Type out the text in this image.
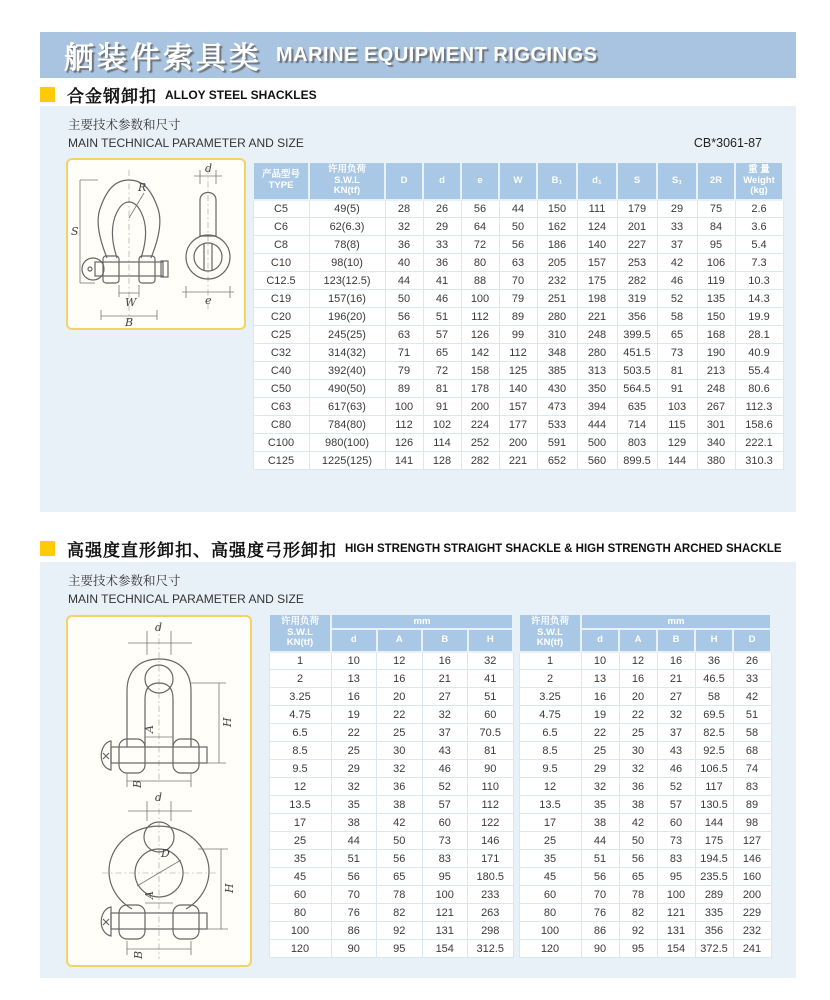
舾装件索具类 MARINE EQUIPMENT RIGGINGS
合金钢卸扣 ALLOY STEEL SHACKLES
主要技术参数和尺寸
MAIN TECHNICAL PARAMETER AND SIZE	CB*3061-87
R
S
W
B
d
e
产品型号
TYPE

许用负荷
S.W.L
KN(tf)

D	d	e	W	B₁	d₁	S	S₁	2R

重 量
Weight
(kg)

C5	49(5)	28	26	56	44	150	111	179	29	75	2.6
C6	62(6.3)	32	29	64	50	162	124	201	33	84	3.6
C8	78(8)	36	33	72	56	186	140	227	37	95	5.4
C10	98(10)	40	36	80	63	205	157	253	42	106	7.3
C12.5	123(12.5)	44	41	88	70	232	175	282	46	119	10.3
C19	157(16)	50	46	100	79	251	198	319	52	135	14.3
C20	196(20)	56	51	112	89	280	221	356	58	150	19.9
C25	245(25)	63	57	126	99	310	248	399.5	65	168	28.1
C32	314(32)	71	65	142	112	348	280	451.5	73	190	40.9
C40	392(40)	79	72	158	125	385	313	503.5	81	213	55.4
C50	490(50)	89	81	178	140	430	350	564.5	91	248	80.6
C63	617(63)	100	91	200	157	473	394	635	103	267	112.3
C80	784(80)	112	102	224	177	533	444	714	115	301	158.6
C100	980(100)	126	114	252	200	591	500	803	129	340	222.1
C125	1225(125)	141	128	282	221	652	560	899.5	144	380	310.3
高强度直形卸扣、高强度弓形卸扣 HIGH STRENGTH STRAIGHT SHACKLE & HIGH STRENGTH ARCHED SHACKLE
主要技术参数和尺寸
MAIN TECHNICAL PARAMETER AND SIZE
d
H
A
B
d
D
H
A
B
许用负荷
S.W.L
KN(tf)	mm			

	d	A	B	H

1	10	12	16	32
2	13	16	21	41
3.25	16	20	27	51
4.75	19	22	32	60
6.5	22	25	37	70.5
8.5	25	30	43	81
9.5	29	32	46	90
12	32	36	52	110
13.5	35	38	57	112
17	38	42	60	122
25	44	50	73	146
35	51	56	83	171
45	56	65	95	180.5
60	70	78	100	233
80	76	82	121	263
100	86	92	131	298
120	90	95	154	312.5
许用负荷
S.W.L
KN(tf)	mm				

	d	A	B	H	D

1	10	12	16	36	26
2	13	16	21	46.5	33
3.25	16	20	27	58	42
4.75	19	22	32	69.5	51
6.5	22	25	37	82.5	58
8.5	25	30	43	92.5	68
9.5	29	32	46	106.5	74
12	32	36	52	117	83
13.5	35	38	57	130.5	89
17	38	42	60	144	98
25	44	50	73	175	127
35	51	56	83	194.5	146
45	56	65	95	235.5	160
60	70	78	100	289	200
80	76	82	121	335	229
100	86	92	131	356	232
120	90	95	154	372.5	241
